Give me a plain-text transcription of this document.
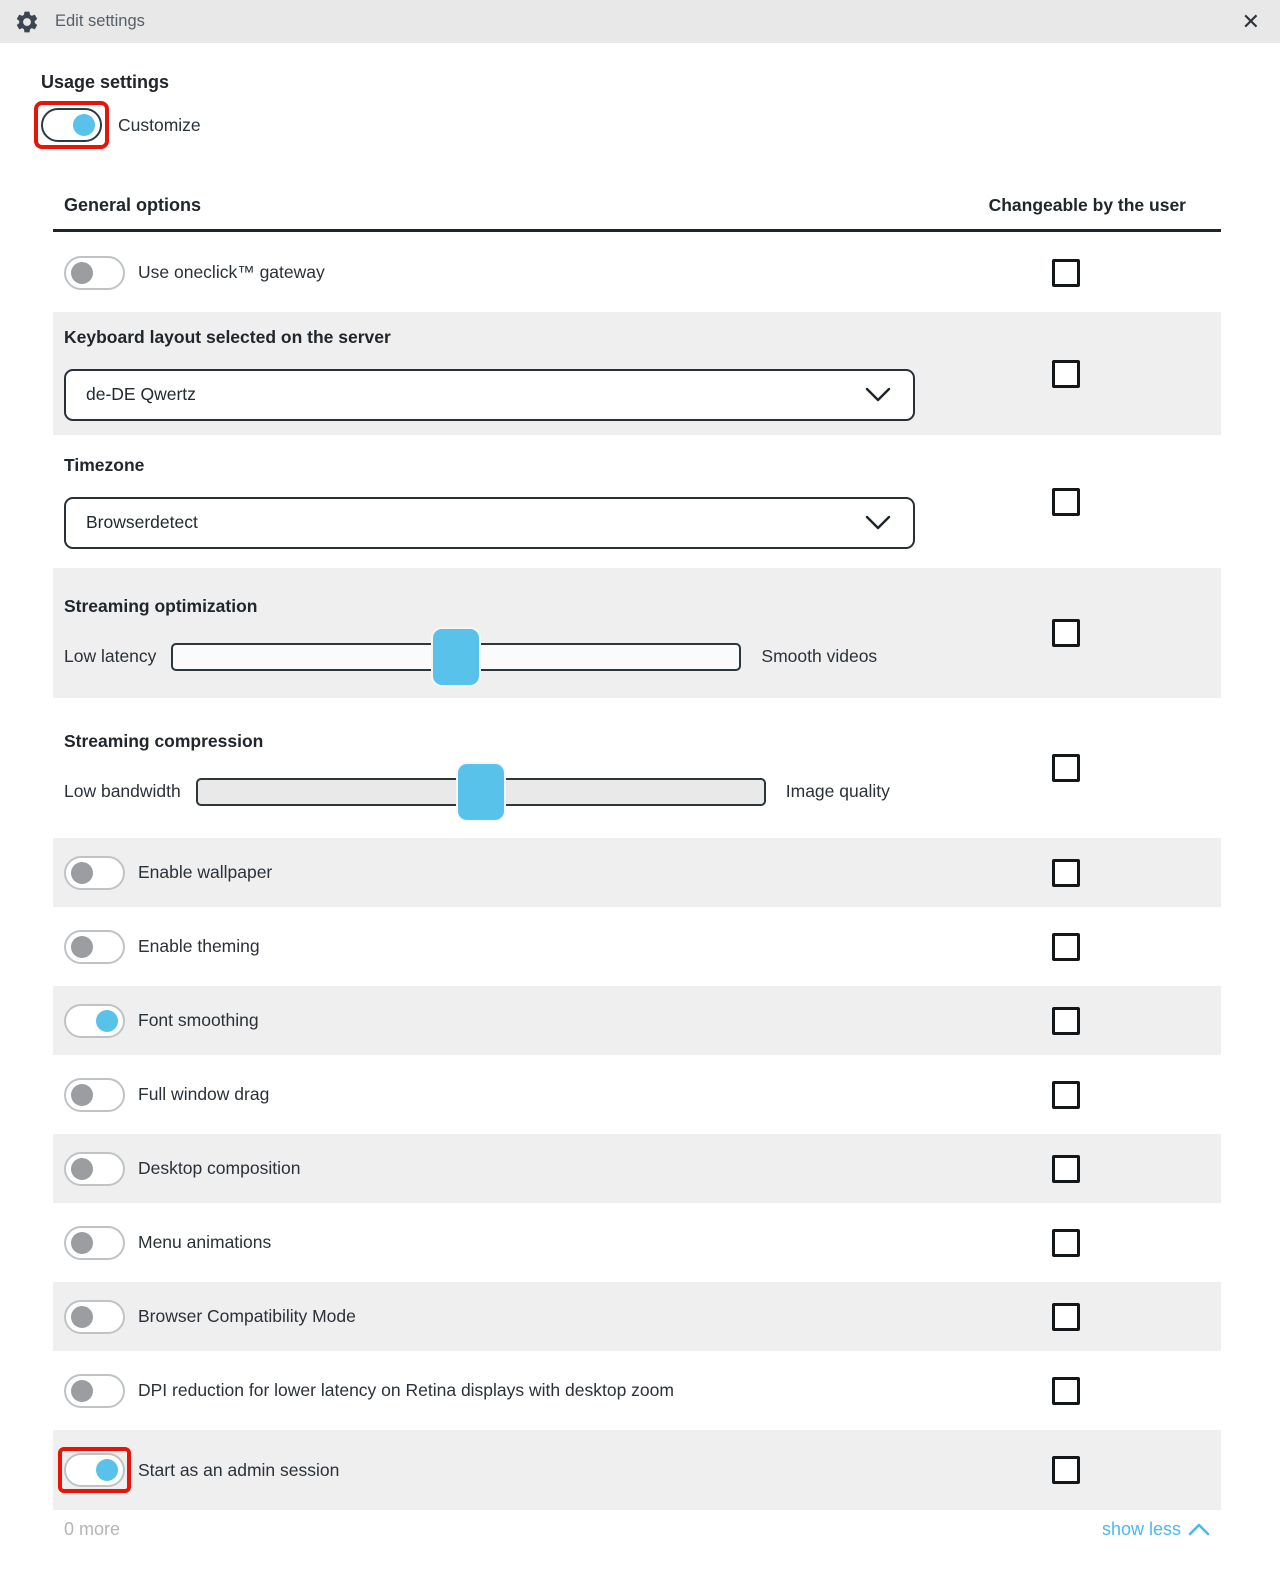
Edit settings	✕
Usage settings
Customize
General options	Changeable by the user
Use oneclick™ gateway
Keyboard layout selected on the server
de-DE Qwertz
Timezone
Browserdetect
Streaming optimization
Low latency	Smooth videos
Streaming compression
Low bandwidth	Image quality
Enable wallpaper
Enable theming
Font smoothing
Full window drag
Desktop composition
Menu animations
Browser Compatibility Mode
DPI reduction for lower latency on Retina displays with desktop zoom
Start as an admin session
0 more	show less
